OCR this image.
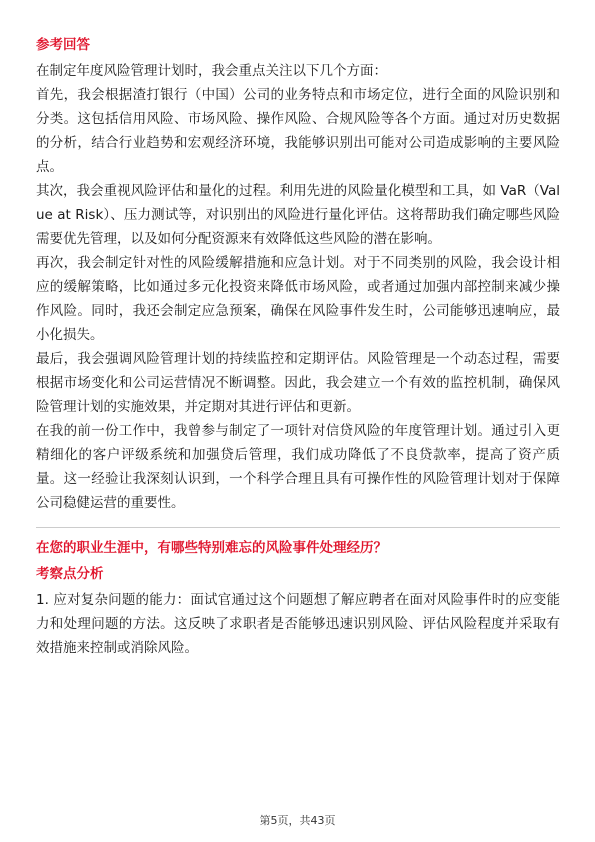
参考回答

在制定年度风险管理计划时，我会重点关注以下几个方面：

首先，我会根据渣打银行（中国）公司的业务特点和市场定位，进行全面的风险识别和分类。这包括信用风险、市场风险、操作风险、合规风险等各个方面。通过对历史数据的分析，结合行业趋势和宏观经济环境，我能够识别出可能对公司造成影响的主要风险点。

其次，我会重视风险评估和量化的过程。利用先进的风险量化模型和工具，如 VaR（Value at Risk）、压力测试等，对识别出的风险进行量化评估。这将帮助我们确定哪些风险需要优先管理，以及如何分配资源来有效降低这些风险的潜在影响。

再次，我会制定针对性的风险缓解措施和应急计划。对于不同类别的风险，我会设计相应的缓解策略，比如通过多元化投资来降低市场风险，或者通过加强内部控制来减少操作风险。同时，我还会制定应急预案，确保在风险事件发生时，公司能够迅速响应，最小化损失。

最后，我会强调风险管理计划的持续监控和定期评估。风险管理是一个动态过程，需要根据市场变化和公司运营情况不断调整。因此，我会建立一个有效的监控机制，确保风险管理计划的实施效果，并定期对其进行评估和更新。

在我的前一份工作中，我曾参与制定了一项针对信贷风险的年度管理计划。通过引入更精细化的客户评级系统和加强贷后管理，我们成功降低了不良贷款率，提高了资产质量。这一经验让我深刻认识到，一个科学合理且具有可操作性的风险管理计划对于保障公司稳健运营的重要性。

在您的职业生涯中，有哪些特别难忘的风险事件处理经历？
考察点分析

1. 应对复杂问题的能力：面试官通过这个问题想了解应聘者在面对风险事件时的应变能力和处理问题的方法。这反映了求职者是否能够迅速识别风险、评估风险程度并采取有效措施来控制或消除风险。

第5页，共43页
